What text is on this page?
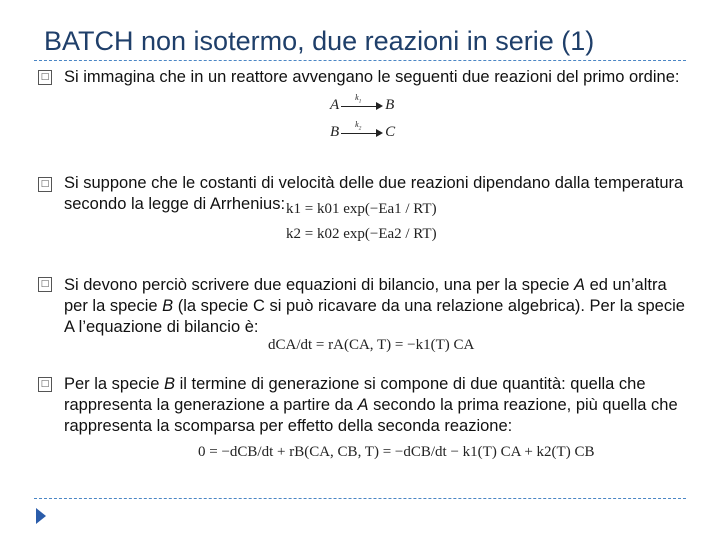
BATCH non isotermo, due reazioni in serie (1)
□ Si immagina che in un reattore avvengano le seguenti due reazioni del primo ordine:
A $k_1$ B
B $k_2$ C
□ Si suppone che le costanti di velocità delle due reazioni dipendano dalla temperatura secondo la legge di Arrhenius: k1 = k01 exp(−Ea1 / RT)
k2 = k02 exp(−Ea2 / RT)
□ Si devono perciò scrivere due equazioni di bilancio, una per la specie A ed un’altra per la specie B (la specie C si può ricavare da una relazione algebrica). Per la specie A l’equazione di bilancio è:
dCA/dt = rA(CA, T) = −k1(T) CA
□ Per la specie B il termine di generazione si compone di due quantità: quella che rappresenta la generazione a partire da A secondo la prima reazione, più quella che rappresenta la scomparsa per effetto della seconda reazione:
0 = −dCB/dt + rB(CA, CB, T) = −dCB/dt − k1(T) CA + k2(T) CB
